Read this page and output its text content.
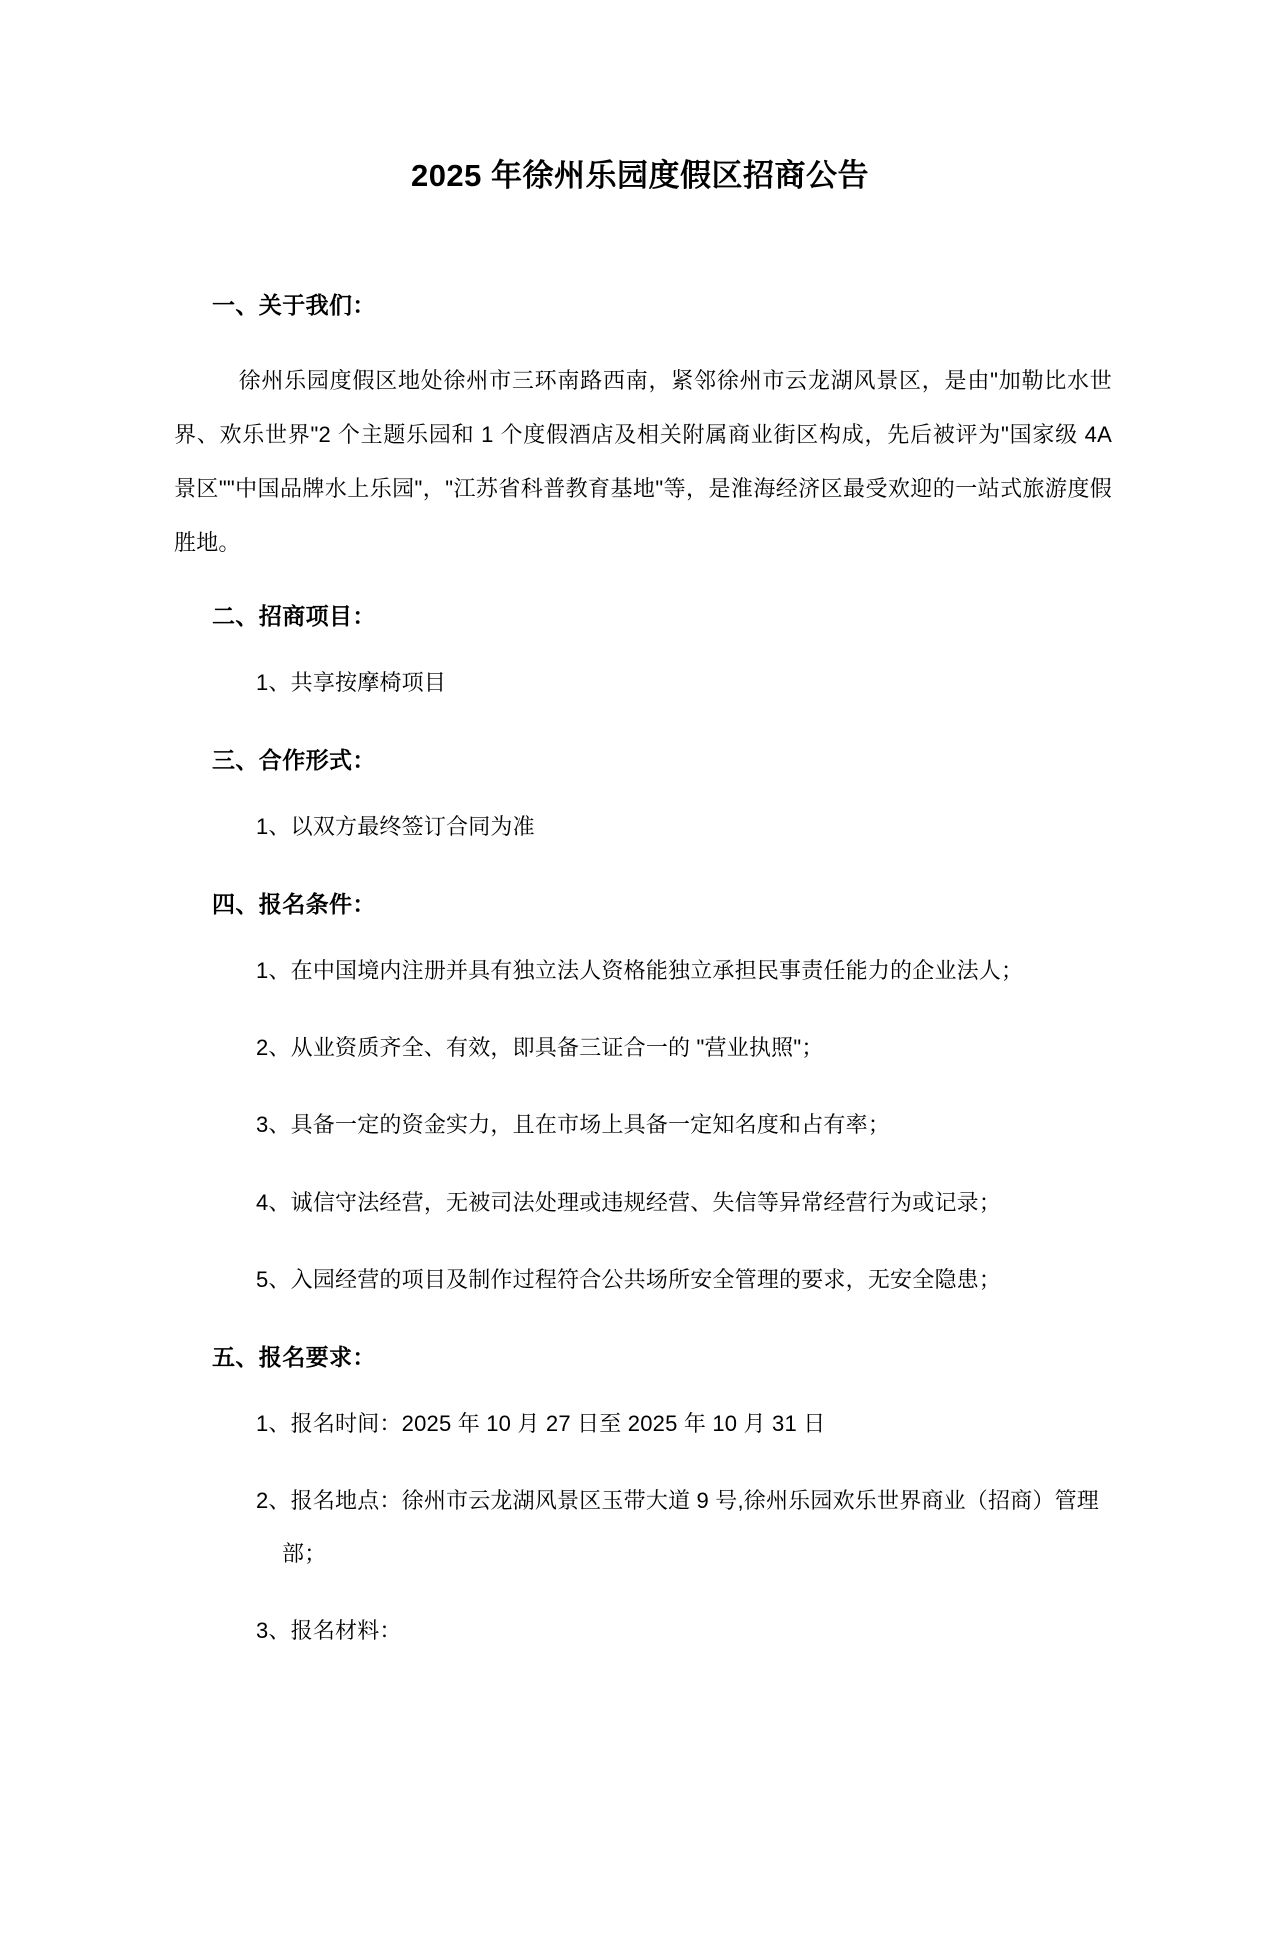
2025 年徐州乐园度假区招商公告
一、关于我们：

徐州乐园度假区地处徐州市三环南路西南，紧邻徐州市云龙湖风景区，是由"加勒比水世界、欢乐世界"2 个主题乐园和 1 个度假酒店及相关附属商业街区构成，先后被评为"国家级 4A 景区""中国品牌水上乐园"，"江苏省科普教育基地"等，是淮海经济区最受欢迎的一站式旅游度假胜地。

二、招商项目：
1、共享按摩椅项目
三、合作形式：
1、以双方最终签订合同为准
四、报名条件：
1、在中国境内注册并具有独立法人资格能独立承担民事责任能力的企业法人；
2、从业资质齐全、有效，即具备三证合一的 "营业执照"；
3、具备一定的资金实力，且在市场上具备一定知名度和占有率；
4、诚信守法经营，无被司法处理或违规经营、失信等异常经营行为或记录；
5、入园经营的项目及制作过程符合公共场所安全管理的要求，无安全隐患；
五、报名要求：
1、报名时间：2025 年 10 月 27 日至 2025 年 10 月 31 日
2、报名地点：徐州市云龙湖风景区玉带大道 9 号,徐州乐园欢乐世界商业（招商）管理
部；
3、报名材料：
